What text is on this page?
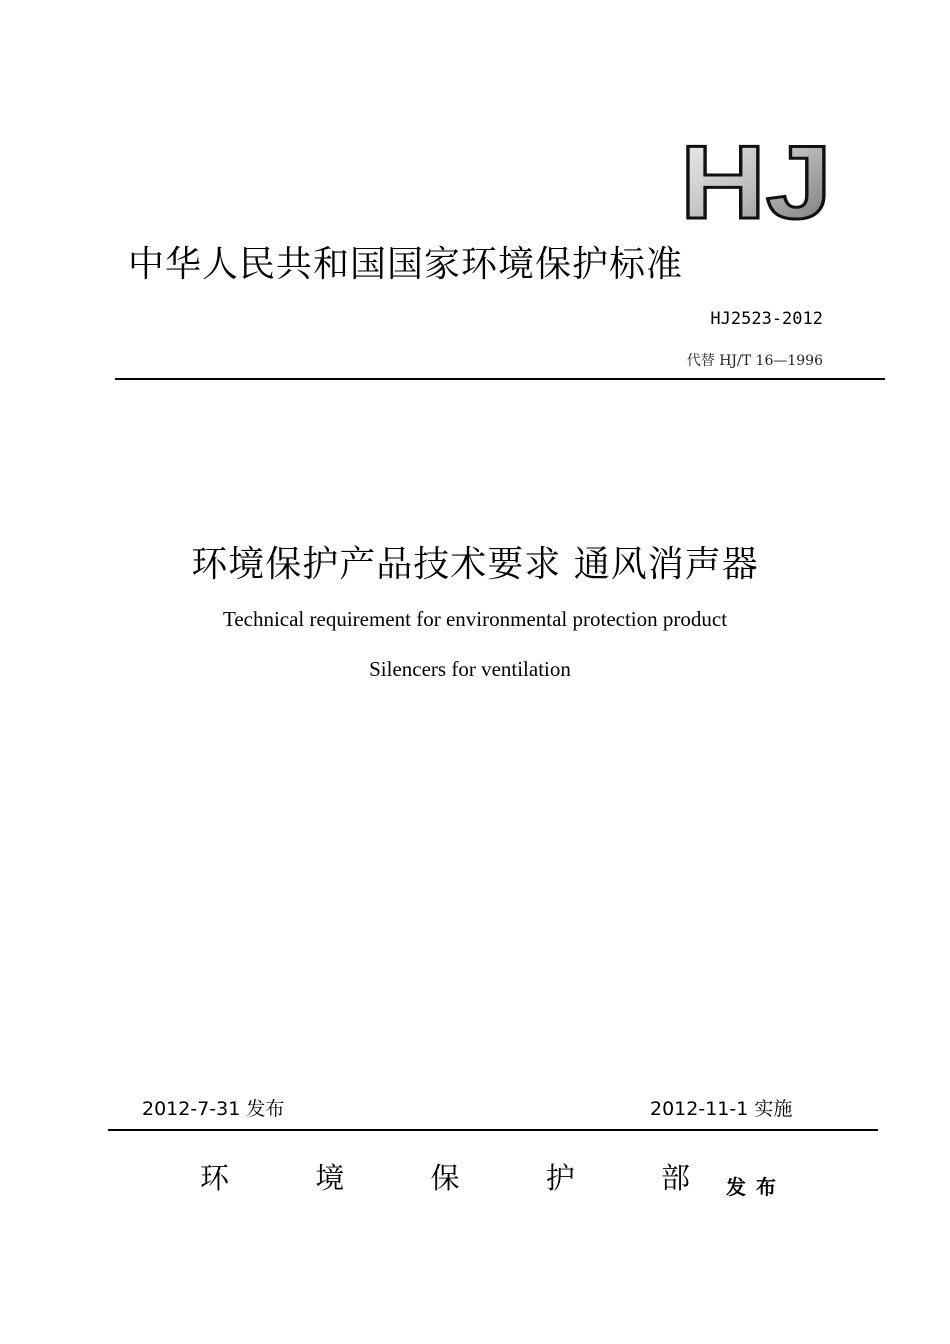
HJ
中华人民共和国国家环境保护标准
HJ2523-2012
代替 HJ/T 16—1996
环境保护产品技术要求 通风消声器
Technical requirement for environmental protection product
Silencers for ventilation
2012-7-31 发布	2012-11-1 实施
环	境	保	护	部 发布
